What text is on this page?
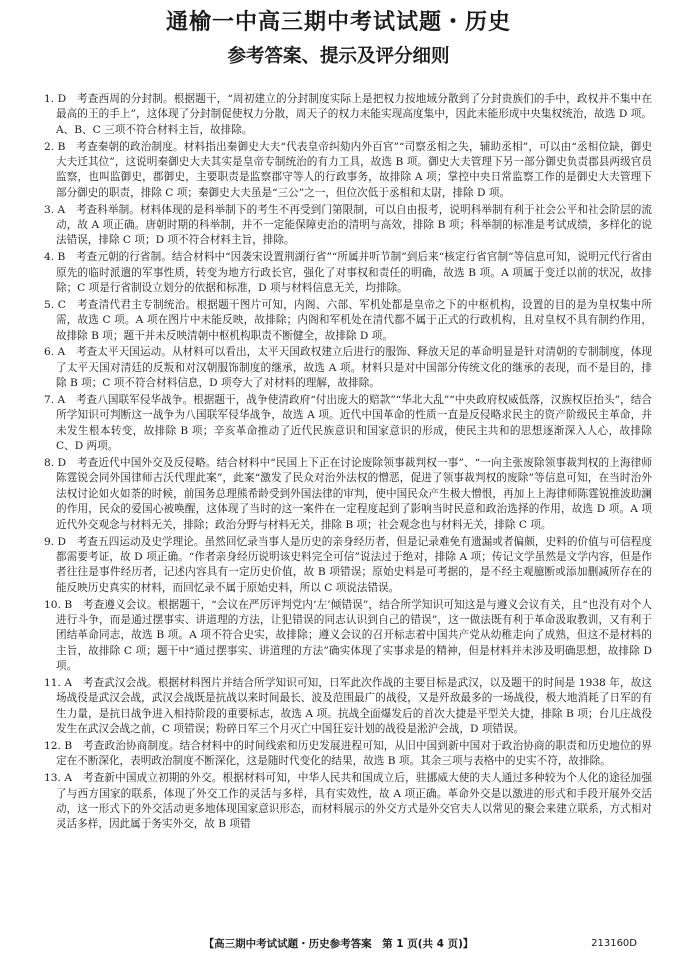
通榆一中高三期中考试试题・历史
参考答案、提示及评分细则

1. D　考查西周的分封制。根据题干，“周初建立的分封制度实际上是把权力按地域分散到了分封贵族们的手中，政权并不集中在最高的王的手上”，这体现了分封制促使权力分散，周天子的权力未能实现高度集中，因此未能形成中央集权统治，故选 D 项。A、B、C 三项不符合材料主旨，故排除。

2. B　考查秦朝的政治制度。材料指出秦御史大夫“代表皇帝纠劾内外百官”“司察丞相之失，辅助丞相”，可以由“丞相位缺，御史大夫迁其位”，这说明秦御史大夫其实是皇帝专制统治的有力工具，故选 B 项。御史大夫管理下另一部分御史负责郡县两级官员监察，也叫监御史，郡御史，主要职责是监察郡守等人的行政事务，故排除 A 项；掌控中央日常监察工作的是御史大夫管理下部分御史的职责，排除 C 项；秦御史大夫虽是“三公”之一，但位次低于丞相和太尉，排除 D 项。

3. A　考查科举制。材料体现的是科举制下的考生不再受到门第限制，可以自由报考，说明科举制有利于社会公平和社会阶层的流动，故 A 项正确。唐朝时期的科举制，并不一定能保障吏治的清明与高效，排除 B 项；科举制的标准是考试成绩，多样化的说法错误，排除 C 项；D 项不符合材料主旨，排除。

4. B　考查元朝的行省制。结合材料中“因袭宋设置荆湖行省”“所属并听节制”到后来“核定行省官制”等信息可知，说明元代行省由原先的临时派遣的军事性质，转变为地方行政长官，强化了对事权和责任的明确，故选 B 项。A 项属于变迁以前的状况，故排除；C 项是行省制设立划分的依据和标准，D 项与材料信息无关，均排除。

5. C　考查清代君主专制统治。根据题干图片可知，内阁、六部、军机处都是皇帝之下的中枢机构，设置的目的是为皇权集中所需，故选 C 项。A 项在图片中未能反映，故排除；内阁和军机处在清代都不属于正式的行政机构，且对皇权不具有制约作用，故排除 B 项；题干并未反映清朝中枢机构职责不断健全，故排除 D 项。

6. A　考查太平天国运动。从材料可以看出，太平天国政权建立后进行的服饰、释放天足的革命明显是针对清朝的专制制度，体现了太平天国对清廷的反叛和对汉朝服饰制度的继承，故选 A 项。材料只是对中国部分传统文化的继承的表现，而不是目的，排除 B 项；C 项不符合材料信息，D 项夸大了对材料的理解，故排除。

7. A　考查八国联军侵华战争。根据题干，战争使清政府“付出庞大的赔款”“华北大乱”“中央政府权威低落，汉族权臣抬头”，结合所学知识可判断这一战争为八国联军侵华战争，故选 A 项。近代中国革命的性质一直是反侵略求民主的资产阶级民主革命，并未发生根本转变，故排除 B 项；辛亥革命推动了近代民族意识和国家意识的形成，使民主共和的思想逐渐深入人心，故排除 C、D 两项。

8. D　考查近代中国外交及反侵略。结合材料中“民国上下正在讨论废除领事裁判权一事”、“一向主张废除领事裁判权的上海律师陈霆锐会同外国律师古沃代理此案”，此案“激发了民众对治外法权的憎恶，促进了领事裁判权的废除”等信息可知，在当时治外法权讨论如火如荼的时候，前国务总理熊希龄受到外国法律的审判，使中国民众产生极大憎恨，再加上上海律师陈霆锐推波助澜的作用，民众的爱国心被唤醒，这体现了当时的这一案件在一定程度起到了影响当时民意和政治选择的作用，故选 D 项。A 项近代外交观念与材料无关，排除；政治分野与材料无关，排除 B 项；社会观念也与材料无关，排除 C 项。

9. D　考查五四运动及史学理论。虽然回忆录当事人是历史的亲身经历者，但是记录难免有遗漏或者偏颇，史料的价值与可信程度都需要考证，故 D 项正确。“作者亲身经历说明该史料完全可信”说法过于绝对，排除 A 项；传记文学虽然是文学内容，但是作者往往是事件经历者，记述内容具有一定历史价值，故 B 项错误；原始史料是可考据的，是不经主观臆断或添加删减所存在的能反映历史真实的材料，而回忆录不属于原始史料，所以 C 项说法错误。

10. B　考查遵义会议。根据题干，“会议在严厉评判党内‘左’倾错误”，结合所学知识可知这是与遵义会议有关，且“也没有对个人进行斗争，而是通过摆事实、讲道理的方法，让犯错误的同志认识到自己的错误”，这一做法既有利于革命汲取教训，又有利于团结革命同志，故选 B 项。A 项不符合史实，故排除；遵义会议的召开标志着中国共产党从幼稚走向了成熟，但这不是材料的主旨，故排除 C 项；题干中“通过摆事实、讲道理的方法”确实体现了实事求是的精神，但是材料并未涉及明确思想，故排除 D 项。

11. A　考查武汉会战。根据材料图片并结合所学知识可知，日军此次作战的主要目标是武汉，以及题干的时间是 1938 年，故这场战役是武汉会战，武汉会战既是抗战以来时间最长、波及范围最广的战役，又是歼敌最多的一场战役，极大地消耗了日军的有生力量，是抗日战争进入相持阶段的重要标志，故选 A 项。抗战全面爆发后的首次大捷是平型关大捷，排除 B 项；台儿庄战役发生在武汉会战之前，C 项错误；粉碎日军三个月灭亡中国狂妄计划的战役是淞沪会战，D 项错误。

12. B　考查政治协商制度。结合材料中的时间线索和历史发展进程可知，从旧中国到新中国对于政治协商的职责和历史地位的界定在不断深化，表明政治制度不断深化，这是随时代变化的结果，故选 B 项。其余三项与表格中的史实不符，故排除。

13. A　考查新中国成立初期的外交。根据材料可知，中华人民共和国成立后，驻挪威大使的夫人通过多种较为个人化的途径加强了与西方国家的联系，体现了外交工作的灵活与多样，具有实效性，故 A 项正确。革命外交是以激进的形式和手段开展外交活动，这一形式下的外交活动更多地体现国家意识形态，而材料展示的外交方式是外交官夫人以常见的聚会来建立联系，方式相对灵活多样，因此属于务实外交，故 B 项错

【高三期中考试试题・历史参考答案　第 1 页(共 4 页)】	213160D
